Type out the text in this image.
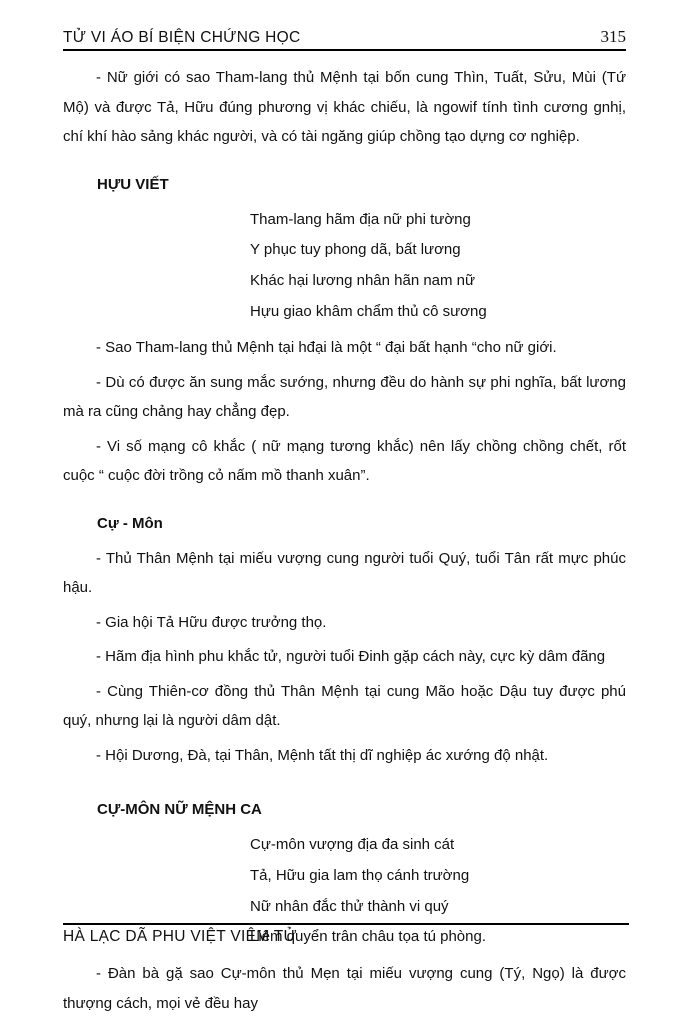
TỬ VI ÁO BÍ BIỆN CHỨNG HỌC	315

- Nữ giới có sao Tham-lang thủ Mệnh tại bốn cung Thìn, Tuất, Sửu, Mùi (Tứ Mộ) và được Tả, Hữu đúng phương vị khác chiếu, là ngowif tính tình cương gnhị, chí khí hào sảng khác người, và có tài ngăng giúp chồng tạo dựng cơ nghiệp.

HỰU VIẾT
Tham-lang hãm địa nữ phi tường
Y phục tuy phong dã, bất lương
Khác hại lương nhân hãn nam nữ
Hựu giao khâm chẩm thủ cô sương

- Sao Tham-lang thủ Mệnh tại hđại là một “ đại bất hạnh “cho nữ giới.

- Dù có được ăn sung mắc sướng, nhưng đều do hành sự phi nghĩa, bất lương mà ra cũng chảng hay chẳng đẹp.

- Vi số mạng cô khắc ( nữ mạng tương khắc) nên lấy chồng chồng chết, rốt cuộc “ cuộc đời trồng cỏ nấm mồ thanh xuân”.

Cự - Môn

- Thủ Thân Mệnh tại miếu vượng cung người tuổi Quý, tuổi Tân rất mực phúc hậu.

- Gia hội Tả Hữu được trưởng thọ.

- Hãm địa hình phu khắc tử, người tuổi Đinh gặp cách này, cực kỳ dâm đãng

- Cùng Thiên-cơ đồng thủ Thân Mệnh tại cung Mão hoặc Dậu tuy được phú quý, nhưng lại là người dâm dật.

- Hội Dương, Đà, tại Thân, Mệnh tất thị dĩ nghiệp ác xướng độ nhật.

CỰ-MÔN NỮ MỆNH CA
Cự-môn vượng địa đa sinh cát
Tả, Hữu gia lam thọ cánh trường
Nữ nhân đắc thử thành vi quý
Liêm quyển trân châu tọa tú phòng.

- Đàn bà gặ sao Cự-môn thủ Mẹn tại miếu vượng cung (Tý, Ngọ) là được thượng cách, mọi vẻ đều hay

HÀ LẠC DÃ PHU VIỆT VIÊM TỬ
